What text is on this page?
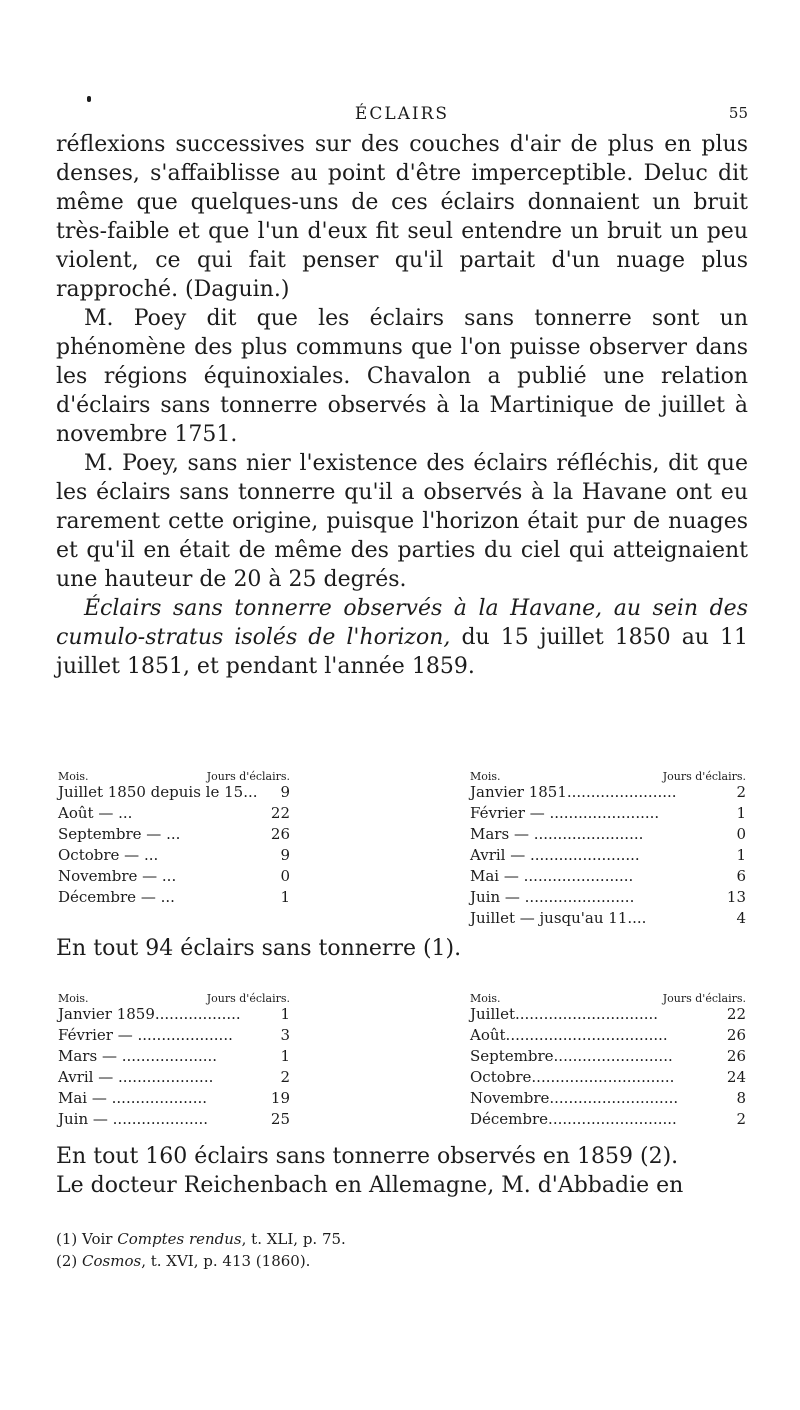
ÉCLAIRS	55

réflexions successives sur des couches d'air de plus en plus denses, s'affaiblisse au point d'être imperceptible. Deluc dit même que quelques-uns de ces éclairs donnaient un bruit très-faible et que l'un d'eux fit seul entendre un bruit un peu violent, ce qui fait penser qu'il partait d'un nuage plus rapproché. (Daguin.)

M. Poey dit que les éclairs sans tonnerre sont un phénomène des plus communs que l'on puisse observer dans les régions équinoxiales. Chavalon a publié une relation d'éclairs sans tonnerre observés à la Martinique de juillet à novembre 1751.

M. Poey, sans nier l'existence des éclairs réfléchis, dit que les éclairs sans tonnerre qu'il a observés à la Havane ont eu rarement cette origine, puisque l'horizon était pur de nuages et qu'il en était de même des parties du ciel qui atteignaient une hauteur de 20 à 25 degrés.

Éclairs sans tonnerre observés à la Havane, au sein des cumulo-stratus isolés de l'horizon, du 15 juillet 1850 au 11 juillet 1851, et pendant l'année 1859.

Mois.	Jours d'éclairs.
Juillet 1850 depuis le 15... 9
Août — ...	22
Septembre — ...	26
Octobre — ...	9
Novembre — ...	0
Décembre — ...	1
Mois.	Jours d'éclairs.
Janvier 1851.......................	2
Février — .......................	1
Mars — .......................	0
Avril — .......................	1
Mai — .......................	6
Juin — .......................	13
Juillet — jusqu'au 11....	4

En tout 94 éclairs sans tonnerre (1).

Mois.	Jours d'éclairs.
Janvier 1859..................	1
Février — ....................	3
Mars — ....................	1
Avril — ....................	2
Mai — ....................	19
Juin — ....................	25
Mois.	Jours d'éclairs.
Juillet..............................	22
Août..................................	26
Septembre.........................	26
Octobre..............................	24
Novembre...........................	8
Décembre...........................	2

En tout 160 éclairs sans tonnerre observés en 1859 (2).

Le docteur Reichenbach en Allemagne, M. d'Abbadie en

(1) Voir Comptes rendus, t. XLI, p. 75.

(2) Cosmos, t. XVI, p. 413 (1860).
